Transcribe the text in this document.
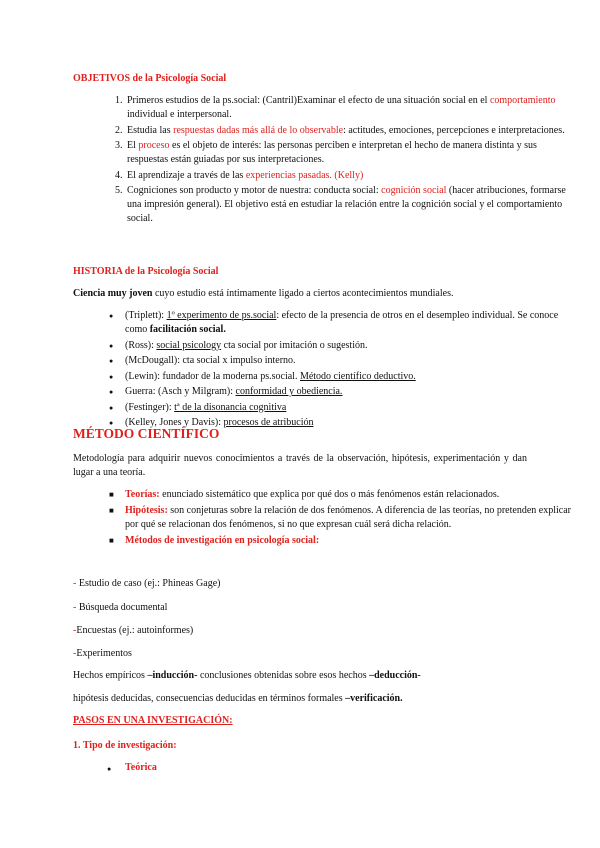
OBJETIVOS de la Psicología Social
1. Primeros estudios de la ps.social: (Cantril)Examinar el efecto de una situación social en el comportamiento individual e interpersonal.
2. Estudia las respuestas dadas más allá de lo observable: actitudes, emociones, percepciones e interpretaciones.
3. El proceso es el objeto de interés: las personas perciben e interpretan el hecho de manera distinta y sus respuestas están guiadas por sus interpretaciones.
4. El aprendizaje a través de las experiencias pasadas. (Kelly)
5. Cogniciones son producto y motor de nuestra: conducta social: cognición social (hacer atribuciones, formarse una impresión general). El objetivo está en estudiar la relación entre la cognición social y el comportamiento social.
HISTORIA de la Psicología Social
Ciencia muy joven cuyo estudio está íntimamente ligado a ciertos acontecimientos mundiales.
● (Triplett): 1º experimento de ps.social: efecto de la presencia de otros en el desempleo individual. Se conoce como facilitación social.
● (Ross): social psicology cta social por imitación o sugestión.
● (McDougall): cta social x impulso interno.
● (Lewin): fundador de la moderna ps.social. Método científico deductivo.
● Guerra: (Asch y Milgram): conformidad y obediencia.
● (Festinger): tª de la disonancia cognitiva
● (Kelley, Jones y Davis): procesos de atribución
MÉTODO CIENTÍFICO
Metodología para adquirir nuevos conocimientos a través de la observación, hipótesis, experimentación y dan lugar a una teoría.
■ Teorías: enunciado sistemático que explica por qué dos o más fenómenos están relacionados.
■ Hipótesis: son conjeturas sobre la relación de dos fenómenos. A diferencia de las teorías, no pretenden explicar por qué se relacionan dos fenómenos, si no que expresan cuál será dicha relación.
■ Métodos de investigación en psicología social:
- Estudio de caso (ej.: Phineas Gage)
- Búsqueda documental
-Encuestas (ej.: autoinformes)
-Experimentos
Hechos empíricos –inducción- conclusiones obtenidas sobre esos hechos –deducción-
hipótesis deducidas, consecuencias deducidas en términos formales –verificación.
PASOS EN UNA INVESTIGACIÓN:
1. Tipo de investigación:
● Teórica
